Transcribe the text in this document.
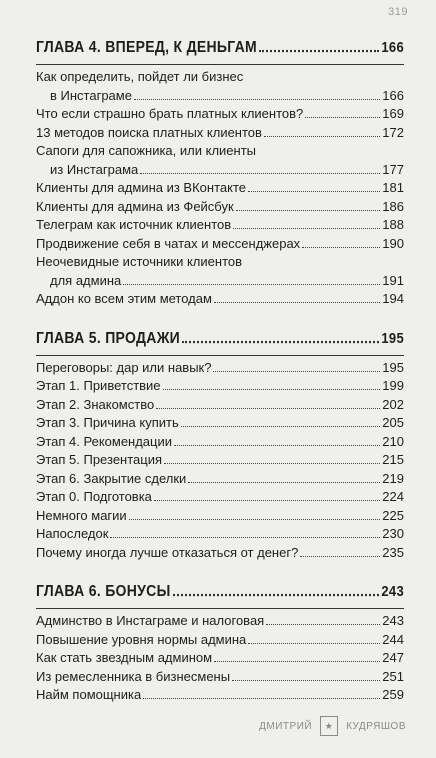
319
ГЛАВА 4. ВПЕРЕД, К ДЕНЬГАМ	166
Как определить, пойдет ли бизнес
в Инстаграме	166
Что если страшно брать платных клиентов?	169
13 методов поиска платных клиентов	172
Сапоги для сапожника, или клиенты
из Инстаграма	177
Клиенты для админа из ВКонтакте	181
Клиенты для админа из Фейсбук	186
Телеграм как источник клиентов	188
Продвижение себя в чатах и мессенджерах	190
Неочевидные источники клиентов
для админа	191
Аддон ко всем этим методам	194
ГЛАВА 5. ПРОДАЖИ	195
Переговоры: дар или навык?	195
Этап 1. Приветствие	199
Этап 2. Знакомство	202
Этап 3. Причина купить	205
Этап 4. Рекомендации	210
Этап 5. Презентация	215
Этап 6. Закрытие сделки	219
Этап 0. Подготовка	224
Немного магии	225
Напоследок	230
Почему иногда лучше отказаться от денег?	235
ГЛАВА 6. БОНУСЫ	243
Админство в Инстаграме и налоговая	243
Повышение уровня нормы админа	244
Как стать звездным админом	247
Из ремесленника в бизнесмены	251
Найм помощника	259
ДМИТРИЙ	★	КУДРЯШОВ
